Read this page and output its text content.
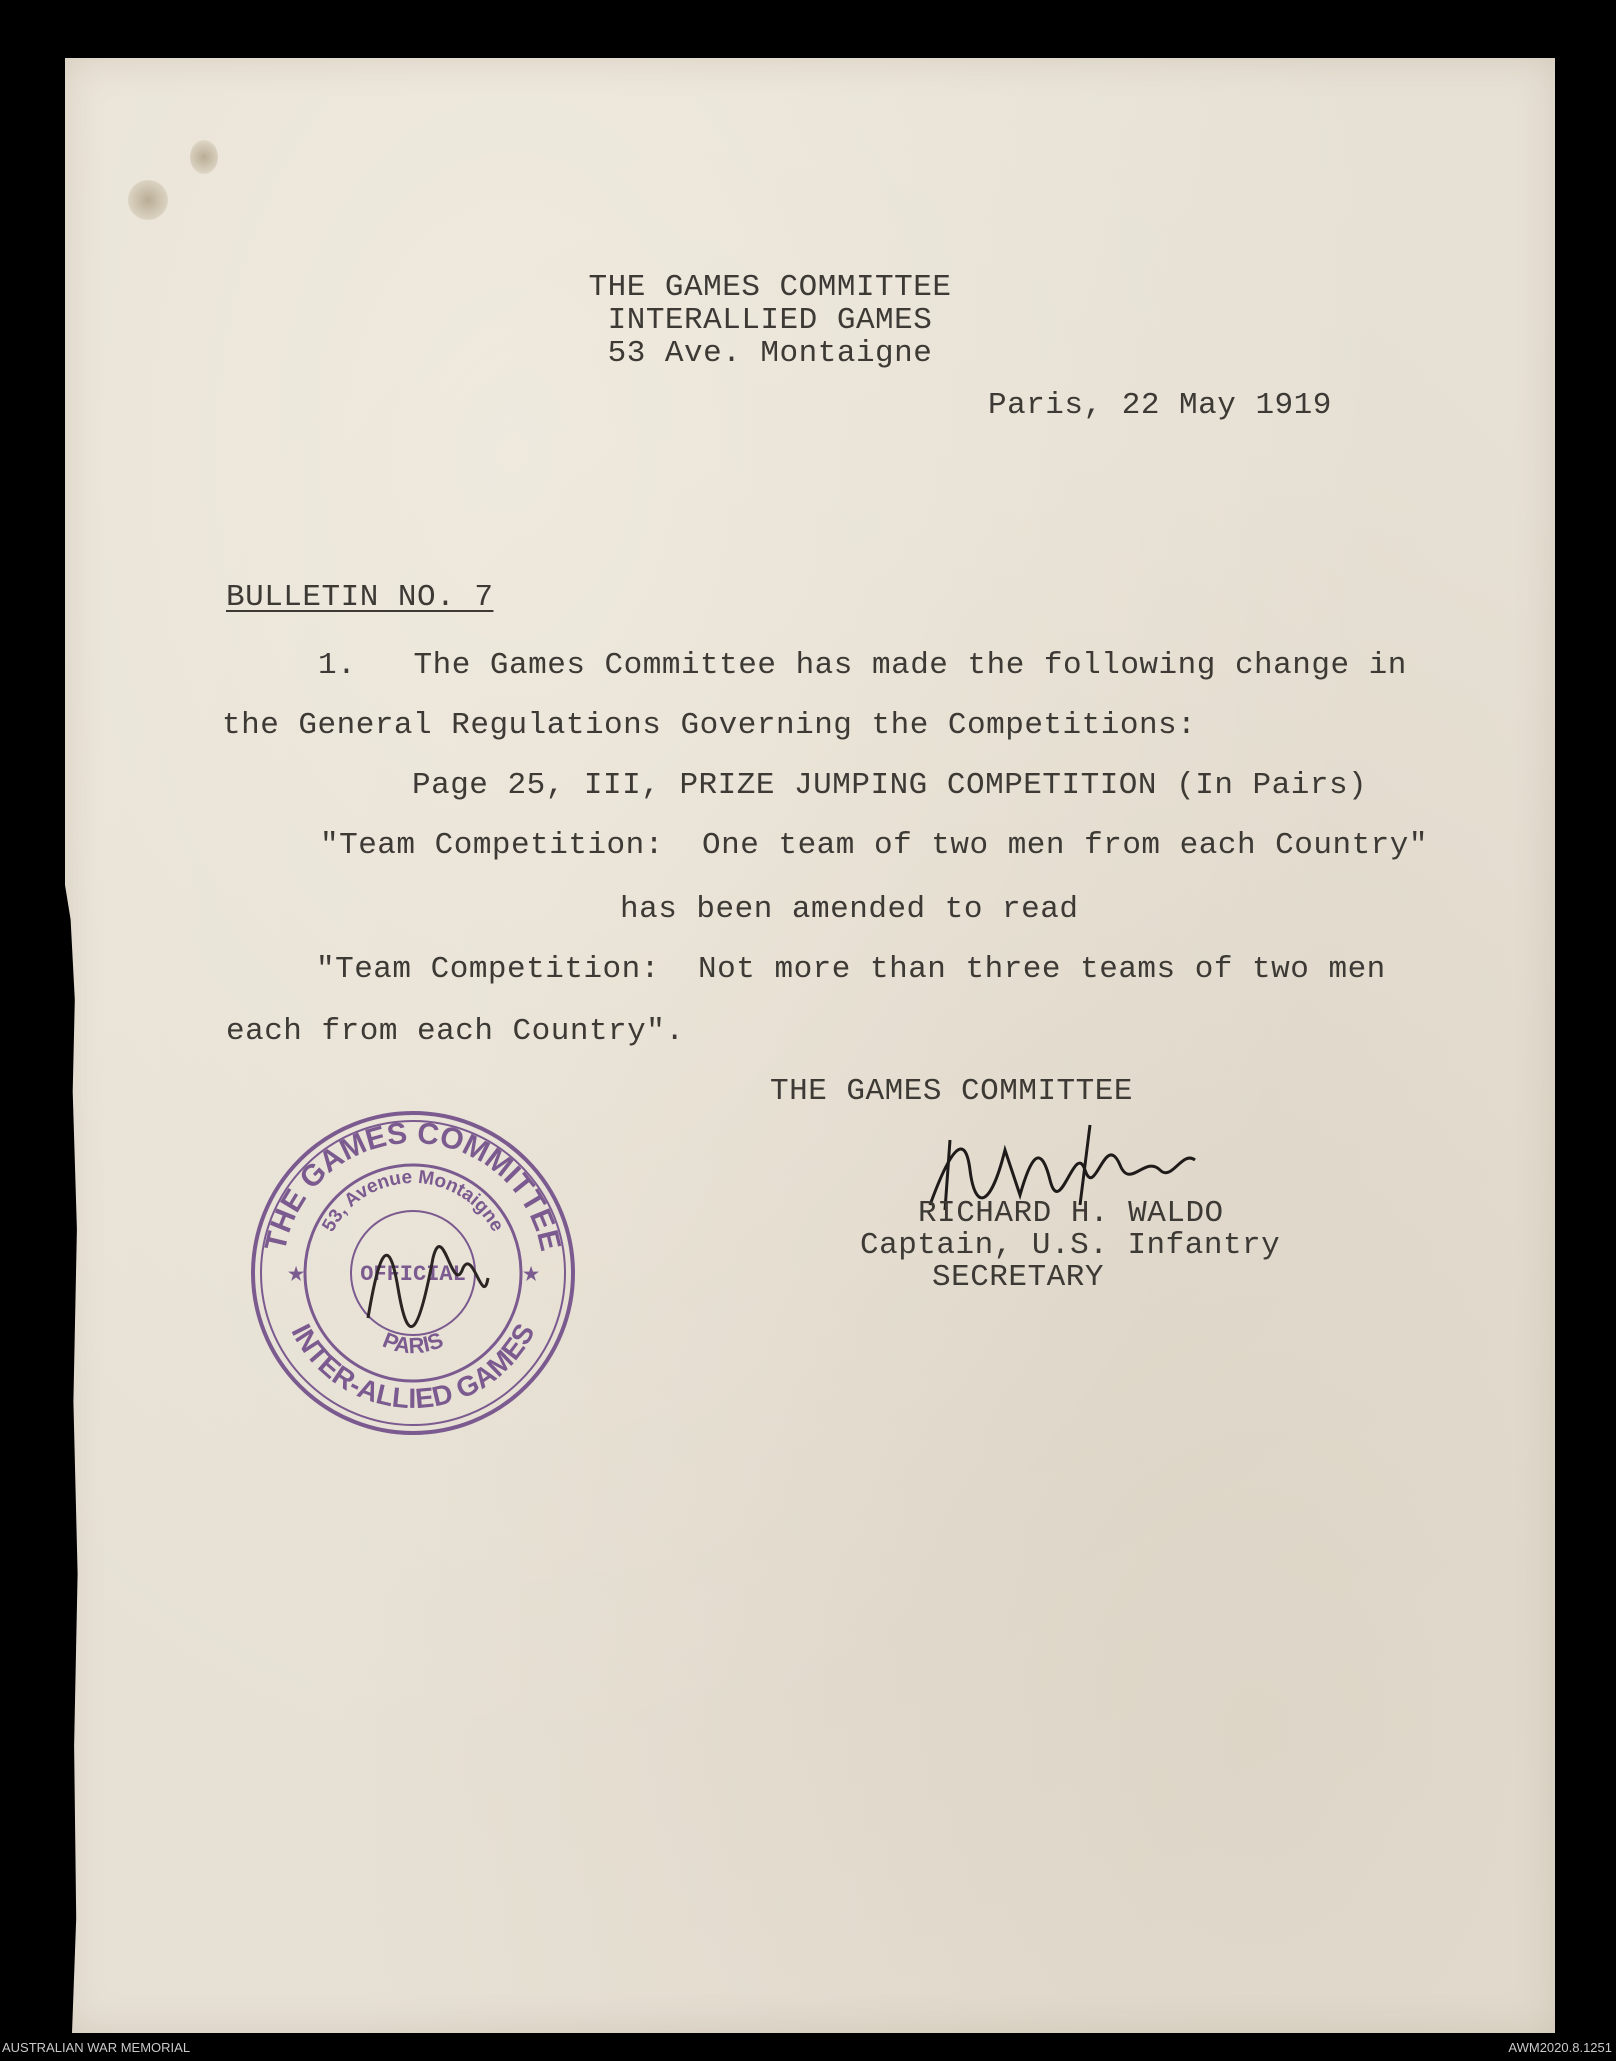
THE GAMES COMMITTEE
INTERALLIED GAMES
53 Ave. Montaigne
Paris, 22 May 1919
BULLETIN NO. 7
1.   The Games Committee has made the following change in
the General Regulations Governing the Competitions:
Page 25, III, PRIZE JUMPING COMPETITION (In Pairs)
"Team Competition:  One team of two men from each Country"
has been amended to read
"Team Competition:  Not more than three teams of two men
each from each Country".
THE GAMES COMMITTEE
RICHARD H. WALDO
Captain, U.S. Infantry
SECRETARY
THE GAMES COMMITTEE
INTER-ALLIED GAMES
53, Avenue Montaigne
PARIS
OFFICIAL
★	★
AUSTRALIAN WAR MEMORIAL	AWM2020.8.1251
